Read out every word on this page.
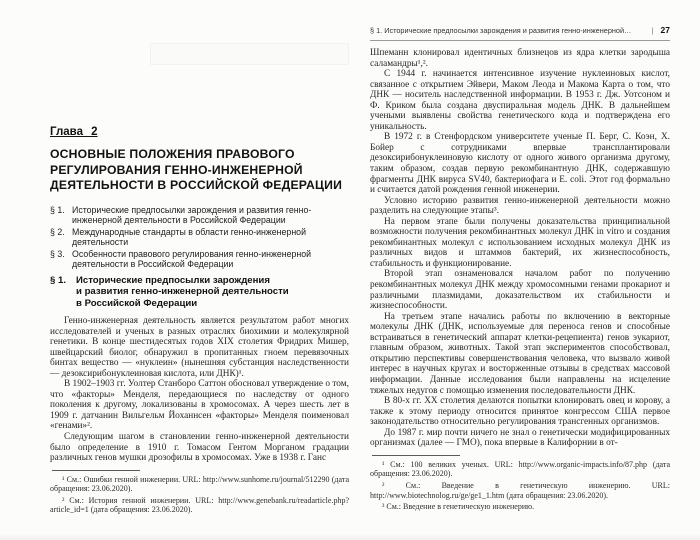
Глава 2
ОСНОВНЫЕ ПОЛОЖЕНИЯ ПРАВОВОГО
РЕГУЛИРОВАНИЯ ГЕННО-ИНЖЕНЕРНОЙ
ДЕЯТЕЛЬНОСТИ В РОССИЙСКОЙ ФЕДЕРАЦИИ
§ 1. Исторические предпосылки зарождения и развития генно-инженерной деятельности в Российской Федерации
§ 2. Международные стандарты в области генно-инженерной деятельности
§ 3. Особенности правового регулирования генно-инженерной деятельности в Российской Федерации
§ 1.	Исторические предпосылки зарождения
и развития генно-инженерной деятельности
в Российской Федерации

Генно-инженерная деятельность является результатом работ многих исследователей и ученых в разных отраслях биохимии и молекулярной генетики. В конце шестидесятых годов XIX столетия Фридрих Мишер, швейцарский биолог, обнаружил в пропитанных гноем перевязочных бинтах вещество — «нуклеин» (нынешняя субстанция наследственности — дезоксирибонуклеиновая кислота, или ДНК)¹.

В 1902–1903 гг. Уолтер Станборо Саттон обосновал утверждение о том, что «факторы» Менделя, передающиеся по наследству от одного поколения к другому, локализованы в хромосомах. А через шесть лет в 1909 г. датчанин Вильгельм Йоханнсен «факторы» Менделя поименовал «генами»².

Следующим шагом в становлении генно-инженерной деятельности было определение в 1910 г. Томасом Гентом Морганом градации различных генов мушки дрозофилы в хромосомах. Уже в 1938 г. Ганс

¹ См.: Ошибки генной инженерии. URL: http://www.sunhome.ru/journal/512290 (дата обращения: 23.06.2020).
² См.: История генной инженерии. URL: http://www.genebank.ru/readarticle.php?article_id=1 (дата обращения: 23.06.2020).
§ 1. Исторические предпосылки зарождения и развития генно-инженерной…	| 27

Шпеманн клонировал идентичных близнецов из ядра клетки зародыша саламандры¹,².

С 1944 г. начинается интенсивное изучение нуклеиновых кислот, связанное с открытием Эйвери, Маком Леода и Макома Карта о том, что ДНК — носитель наследственной информации. В 1953 г. Дж. Уотсоном и Ф. Криком была создана двуспиральная модель ДНК. В дальнейшем учеными выявлены свойства генетического кода и подтверждена его уникальность.

В 1972 г. в Стенфордском университете ученые П. Берг, С. Коэн, Х. Бойер с сотрудниками впервые трансплантировали дезоксирибонуклеиновую кислоту от одного живого организма другому, таким образом, создав первую рекомбинантную ДНК, содержавшую фрагменты ДНК вируса SV40, бактериофага и E. coli. Этот год формально и считается датой рождения генной инженерии.

Условно историю развития генно-инженерной деятельности можно разделить на следующие этапы³.

На первом этапе были получены доказательства принципиальной возможности получения рекомбинантных молекул ДНК in vitro и создания рекомбинантных молекул с использованием исходных молекул ДНК из различных видов и штаммов бактерий, их жизнеспособность, стабильность и функционирование.

Второй этап ознаменовался началом работ по получению рекомбинантных молекул ДНК между хромосомными генами прокариот и различными плазмидами, доказательством их стабильности и жизнеспособности.

На третьем этапе начались работы по включению в векторные молекулы ДНК (ДНК, используемые для переноса генов и способные встраиваться в генетический аппарат клетки-рецепиента) генов эукариот, главным образом, животных. Такой этап экспериментов способствовал, открытию перспективы совершенствования человека, что вызвало живой интерес в научных кругах и восторженные отзывы в средствах массовой информации. Данные исследования были направлены на исцеление тяжелых недугов с помощью изменения последовательности ДНК.

В 80-х гг. XX столетия делаются попытки клонировать овец и корову, а также к этому периоду относится принятое конгрессом США первое законодательство относительно регулирования трансгенных организмов.

До 1987 г. мир почти ничего не знал о генетически модифицированных организмах (далее — ГМО), пока впервые в Калифорнии в от-

¹ См.: 100 великих ученых. URL: http://www.organic-impacts.info/87.php (дата обращения: 23.06.2020).
² См.: Введение в генетическую инженерию. URL: http://www.biotechnolog.ru/ge/ge1_1.htm (дата обращения: 23.06.2020).
³ См.: Введение в генетическую инженерию.
